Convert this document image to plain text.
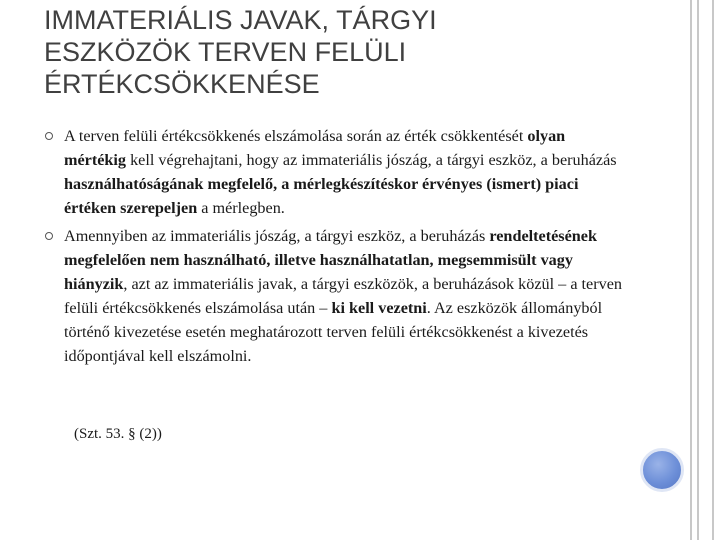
IMMATERIÁLIS JAVAK, TÁRGYI
ESZKÖZÖK TERVEN FELÜLI
ÉRTÉKCSÖKKENÉSE
A terven felüli értékcsökkenés elszámolása során az érték csökkentését olyan mértékig kell végrehajtani, hogy az immateriális jószág, a tárgyi eszköz, a beruházás használhatóságának megfelelő, a mérlegkészítéskor érvényes (ismert) piaci értéken szerepeljen a mérlegben.
Amennyiben az immateriális jószág, a tárgyi eszköz, a beruházás rendeltetésének megfelelően nem használható, illetve használhatatlan, megsemmisült vagy hiányzik, azt az immateriális javak, a tárgyi eszközök, a beruházások közül – a terven felüli értékcsökkenés elszámolása után – ki kell vezetni. Az eszközök állományból történő kivezetése esetén meghatározott terven felüli értékcsökkenést a kivezetés időpontjával kell elszámolni.
(Szt. 53. § (2))
